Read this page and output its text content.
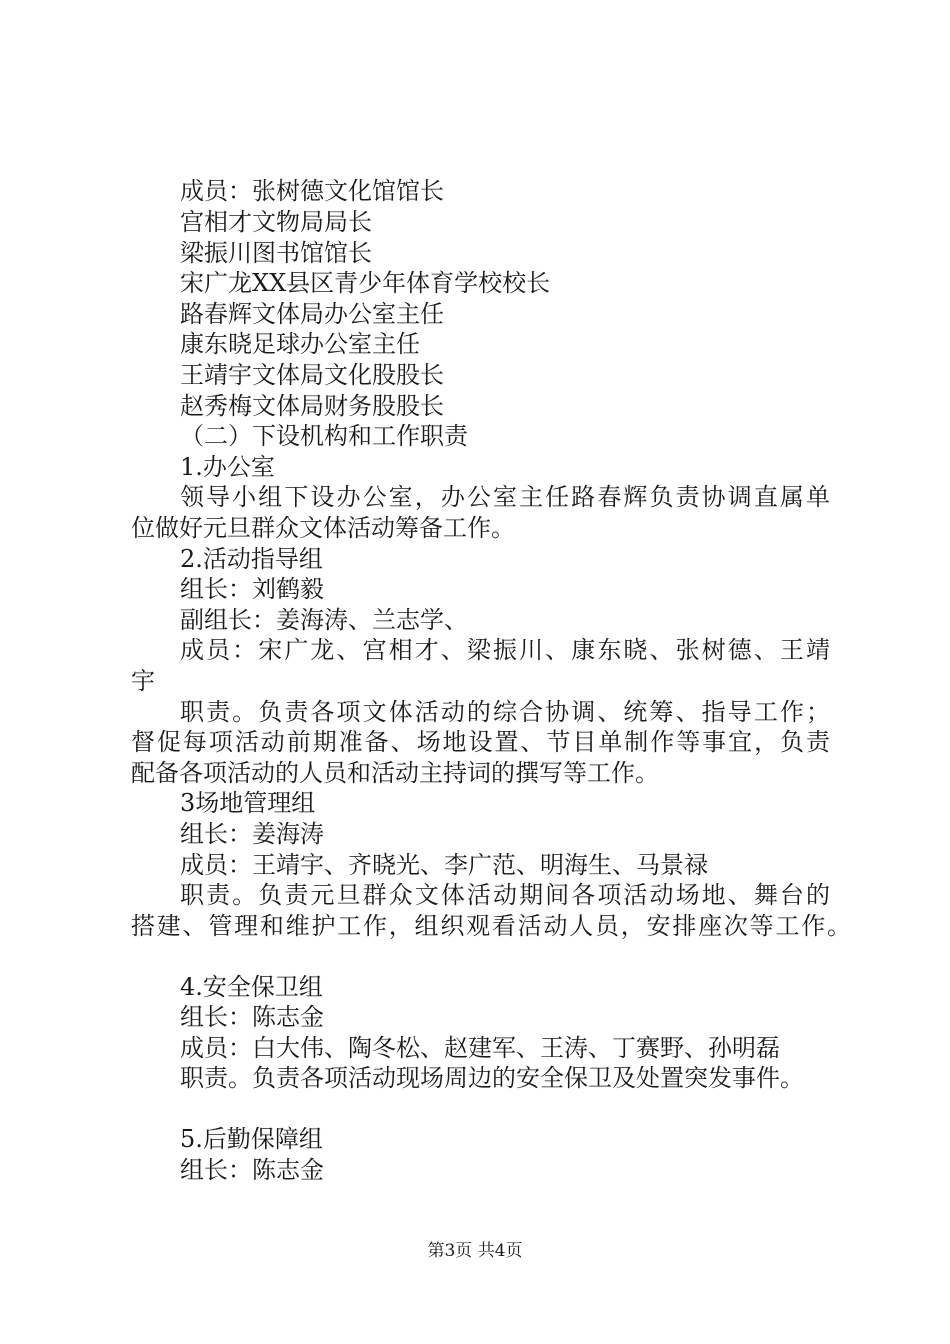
成员：张树德文化馆馆长
宫相才文物局局长
梁振川图书馆馆长
宋广龙XX县区青少年体育学校校长
路春辉文体局办公室主任
康东晓足球办公室主任
王靖宇文体局文化股股长
赵秀梅文体局财务股股长
（二）下设机构和工作职责
1.办公室
领导小组下设办公室，办公室主任路春辉负责协调直属单
位做好元旦群众文体活动筹备工作。
2.活动指导组
组长：刘鹤毅
副组长：姜海涛、兰志学、
成员：宋广龙、宫相才、梁振川、康东晓、张树德、王靖
宇
职责。负责各项文体活动的综合协调、统筹、指导工作；
督促每项活动前期准备、场地设置、节目单制作等事宜，负责
配备各项活动的人员和活动主持词的撰写等工作。
3场地管理组
组长：姜海涛
成员：王靖宇、齐晓光、李广范、明海生、马景禄
职责。负责元旦群众文体活动期间各项活动场地、舞台的
搭建、管理和维护工作，组织观看活动人员，安排座次等工作。
4.安全保卫组
组长：陈志金
成员：白大伟、陶冬松、赵建军、王涛、丁赛野、孙明磊
职责。负责各项活动现场周边的安全保卫及处置突发事件。
5.后勤保障组
组长：陈志金
第3页 共4页
